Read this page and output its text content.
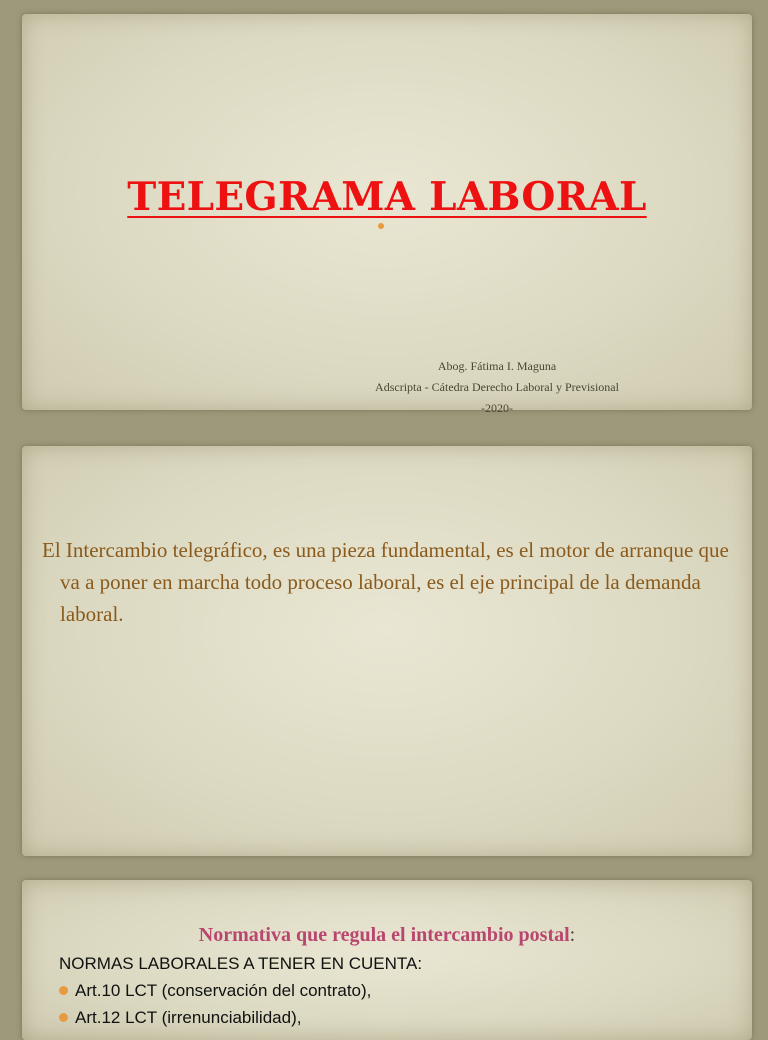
TELEGRAMA LABORAL
Abog. Fátima I. Maguna
Adscripta - Cátedra Derecho Laboral y Previsional
-2020-

El Intercambio telegráfico, es una pieza fundamental, es el motor de arranque que va a poner en marcha todo proceso laboral, es el eje principal de la demanda laboral.

Normativa que regula el intercambio postal:

NORMAS LABORALES A TENER EN CUENTA:

Art.10 LCT (conservación del contrato),
Art.12 LCT (irrenunciabilidad),
